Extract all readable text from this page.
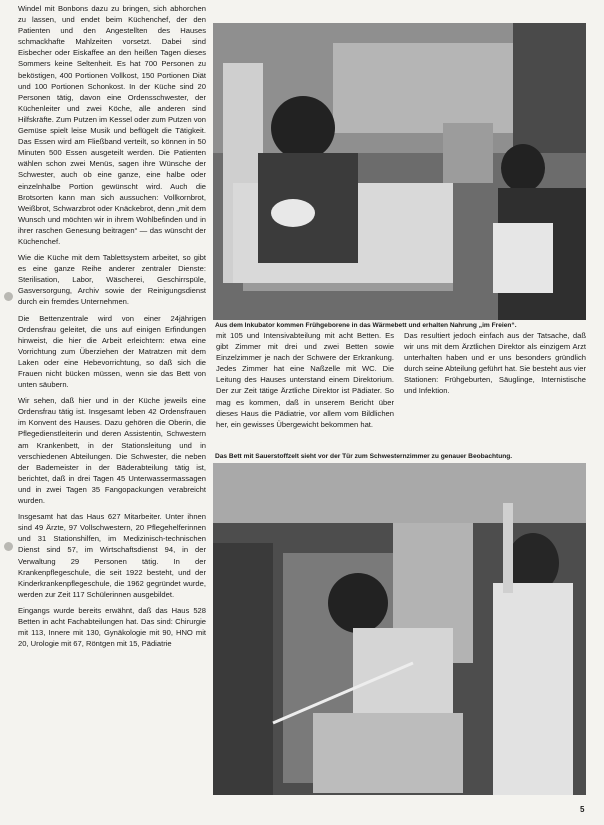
Windel mit Bonbons dazu zu bringen, sich abhorchen zu lassen, und endet beim Küchenchef, der den Patienten und den Angestellten des Hauses schmackhafte Mahlzeiten vorsetzt. Dabei sind Eisbecher oder Eiskaffee an den heißen Tagen dieses Sommers keine Seltenheit. Es hat 700 Personen zu beköstigen, 400 Portionen Vollkost, 150 Portionen Diät und 100 Portionen Schonkost. In der Küche sind 20 Personen tätig, davon eine Ordensschwester, der Küchenleiter und zwei Köche, alle anderen sind Hilfskräfte. Zum Putzen im Kessel oder zum Putzen von Gemüse spielt leise Musik und beflügelt die Tätigkeit. Das Essen wird am Fließband verteilt, so können in 50 Minuten 500 Essen ausgeteilt werden. Die Patienten wählen schon zwei Menüs, sagen ihre Wünsche der Schwester, auch ob eine ganze, eine halbe oder einzelnhalbe Portion gewünscht wird. Auch die Brotsorten kann man sich aussuchen: Vollkornbrot, Weißbrot, Schwarzbrot oder Knäckebrot, denn „mit dem Wunsch und möchten wir in ihrem Wohlbefinden und in ihrer raschen Genesung beitragen“ — das wünscht der Küchenchef.

Wie die Küche mit dem Tablettsystem arbeitet, so gibt es eine ganze Reihe anderer zentraler Dienste: Sterilisation, Labor, Wäscherei, Geschirrspüle, Gasversorgung, Archiv sowie der Reinigungsdienst durch ein fremdes Unternehmen.

Die Bettenzentrale wird von einer 24jährigen Ordensfrau geleitet, die uns auf einigen Erfindungen hinweist, die hier die Arbeit erleichtern: etwa eine Vorrichtung zum Überziehen der Matratzen mit dem Laken oder eine Hebevorrichtung, so daß sich die Frauen nicht bücken müssen, wenn sie das Bett von unten säubern.

Wir sehen, daß hier und in der Küche jeweils eine Ordensfrau tätig ist. Insgesamt leben 42 Ordensfrauen im Konvent des Hauses. Dazu gehören die Oberin, die Pflegedienstleiterin und deren Assistentin, Schwestern am Krankenbett, in der Stationsleitung und in verschiedenen Abteilungen. Die Schwester, die neben der Bademeister in der Bäderabteilung tätig ist, berichtet, daß in drei Tagen 45 Unterwassermassagen und in zwei Tagen 35 Fangopackungen verabreicht wurden.

Insgesamt hat das Haus 627 Mitarbeiter. Unter ihnen sind 49 Ärzte, 97 Vollschwestern, 20 Pflegehelferinnen und 31 Stationshilfen, im Medizinisch-technischen Dienst sind 57, im Wirtschaftsdienst 94, in der Verwaltung 29 Personen tätig. In der Krankenpflegeschule, die seit 1922 besteht, und der Kinderkrankenpflegeschule, die 1962 gegründet wurde, werden zur Zeit 117 Schülerinnen ausgebildet.

Eingangs wurde bereits erwähnt, daß das Haus 528 Betten in acht Fachabteilungen hat. Das sind: Chirurgie mit 113, Innere mit 130, Gynäkologie mit 90, HNO mit 20, Urologie mit 67, Röntgen mit 15, Pädiatrie

Aus dem Inkubator kommen Frühgeborene in das Wärmebett und erhalten Nahrung „im Freien“.

mit 105 und Intensivabteilung mit acht Betten. Es gibt Zimmer mit drei und zwei Betten sowie Einzelzimmer je nach der Schwere der Erkrankung. Jedes Zimmer hat eine Naßzelle mit WC. Die Leitung des Hauses unterstand einem Direktorium. Der zur Zeit tätige Ärztliche Direktor ist Pädiater. So mag es kommen, daß in unserem Bericht über dieses Haus die Pädiatrie, vor allem vom Bildlichen her, ein gewisses Übergewicht bekommen hat.

Das resultiert jedoch einfach aus der Tatsache, daß wir uns mit dem Ärztlichen Direktor als einzigem Arzt unterhalten haben und er uns besonders gründlich durch seine Abteilung geführt hat. Sie besteht aus vier Stationen: Frühgeburten, Säuglinge, Internistische und Infektion.

Das Bett mit Sauerstoffzelt sieht vor der Tür zum Schwesternzimmer zu genauer Beobachtung.
5
